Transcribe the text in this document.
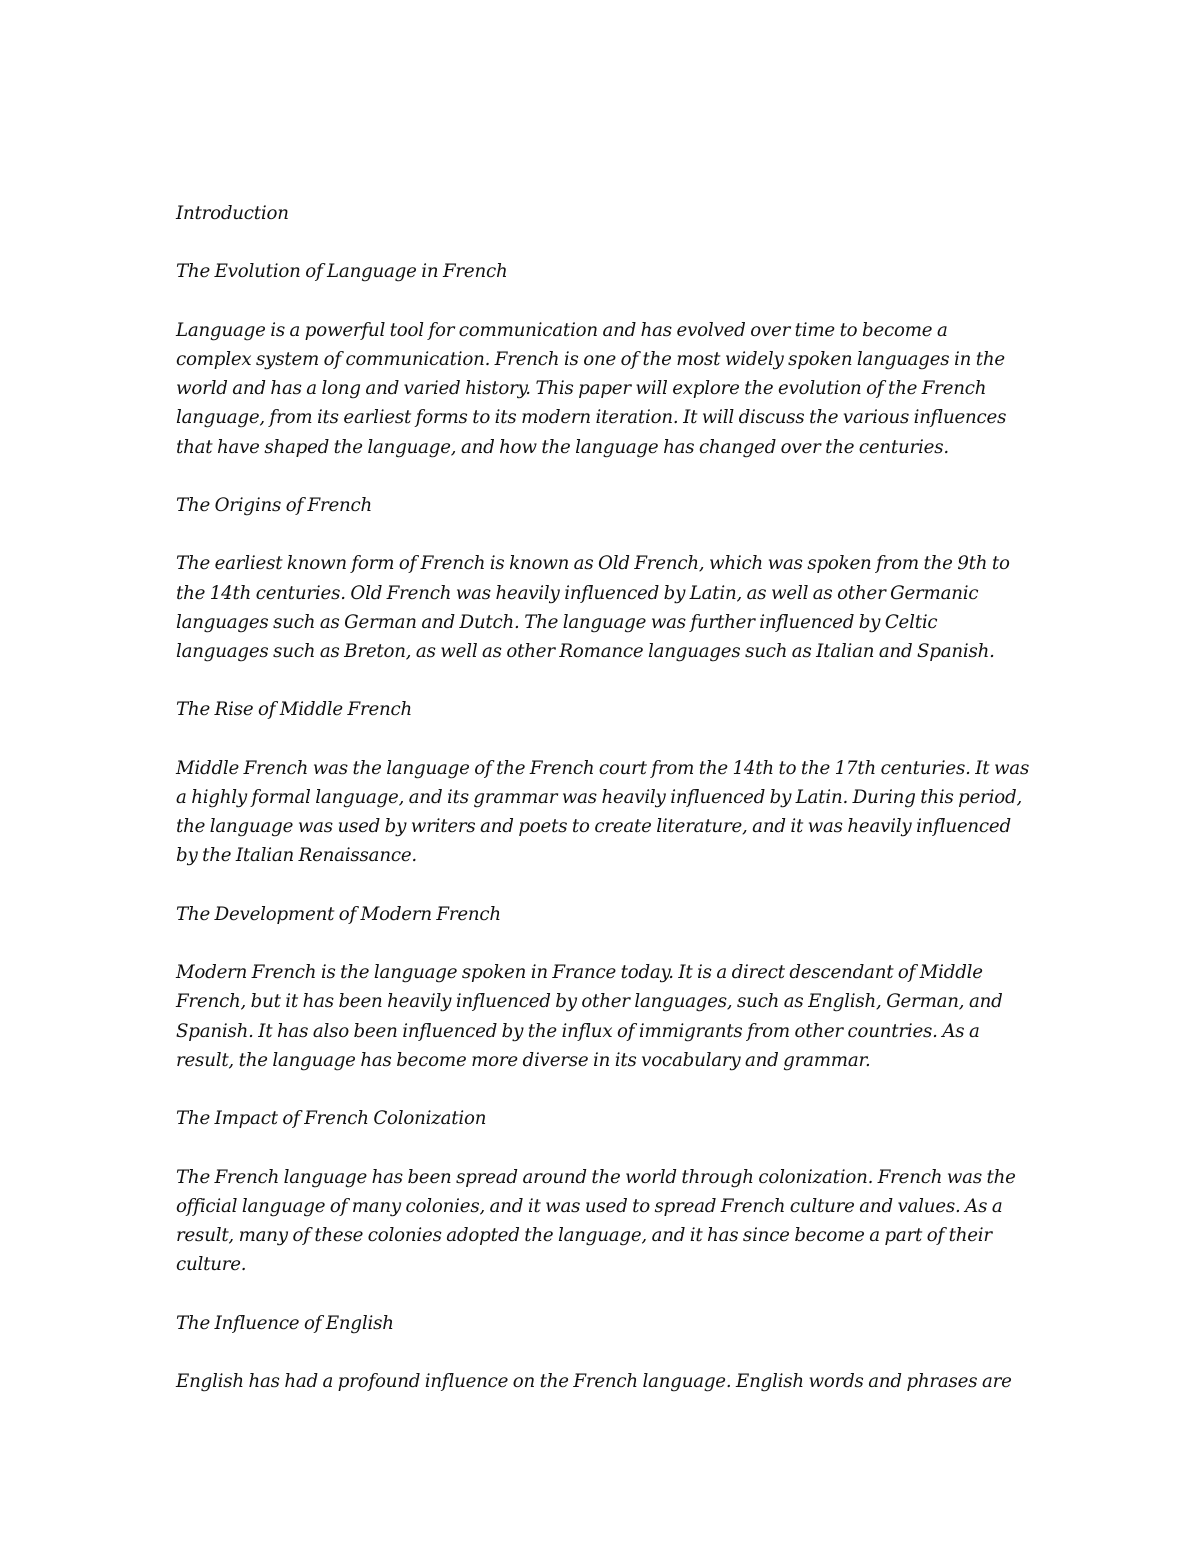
Introduction

The Evolution of Language in French

Language is a powerful tool for communication and has evolved over time to become a
complex system of communication. French is one of the most widely spoken languages in the
world and has a long and varied history. This paper will explore the evolution of the French
language, from its earliest forms to its modern iteration. It will discuss the various influences
that have shaped the language, and how the language has changed over the centuries.

The Origins of French

The earliest known form of French is known as Old French, which was spoken from the 9th to
the 14th centuries. Old French was heavily influenced by Latin, as well as other Germanic
languages such as German and Dutch. The language was further influenced by Celtic
languages such as Breton, as well as other Romance languages such as Italian and Spanish.

The Rise of Middle French

Middle French was the language of the French court from the 14th to the 17th centuries. It was
a highly formal language, and its grammar was heavily influenced by Latin. During this period,
the language was used by writers and poets to create literature, and it was heavily influenced
by the Italian Renaissance.

The Development of Modern French

Modern French is the language spoken in France today. It is a direct descendant of Middle
French, but it has been heavily influenced by other languages, such as English, German, and
Spanish. It has also been influenced by the influx of immigrants from other countries. As a
result, the language has become more diverse in its vocabulary and grammar.

The Impact of French Colonization

The French language has been spread around the world through colonization. French was the
official language of many colonies, and it was used to spread French culture and values. As a
result, many of these colonies adopted the language, and it has since become a part of their
culture.

The Influence of English

English has had a profound influence on the French language. English words and phrases are
